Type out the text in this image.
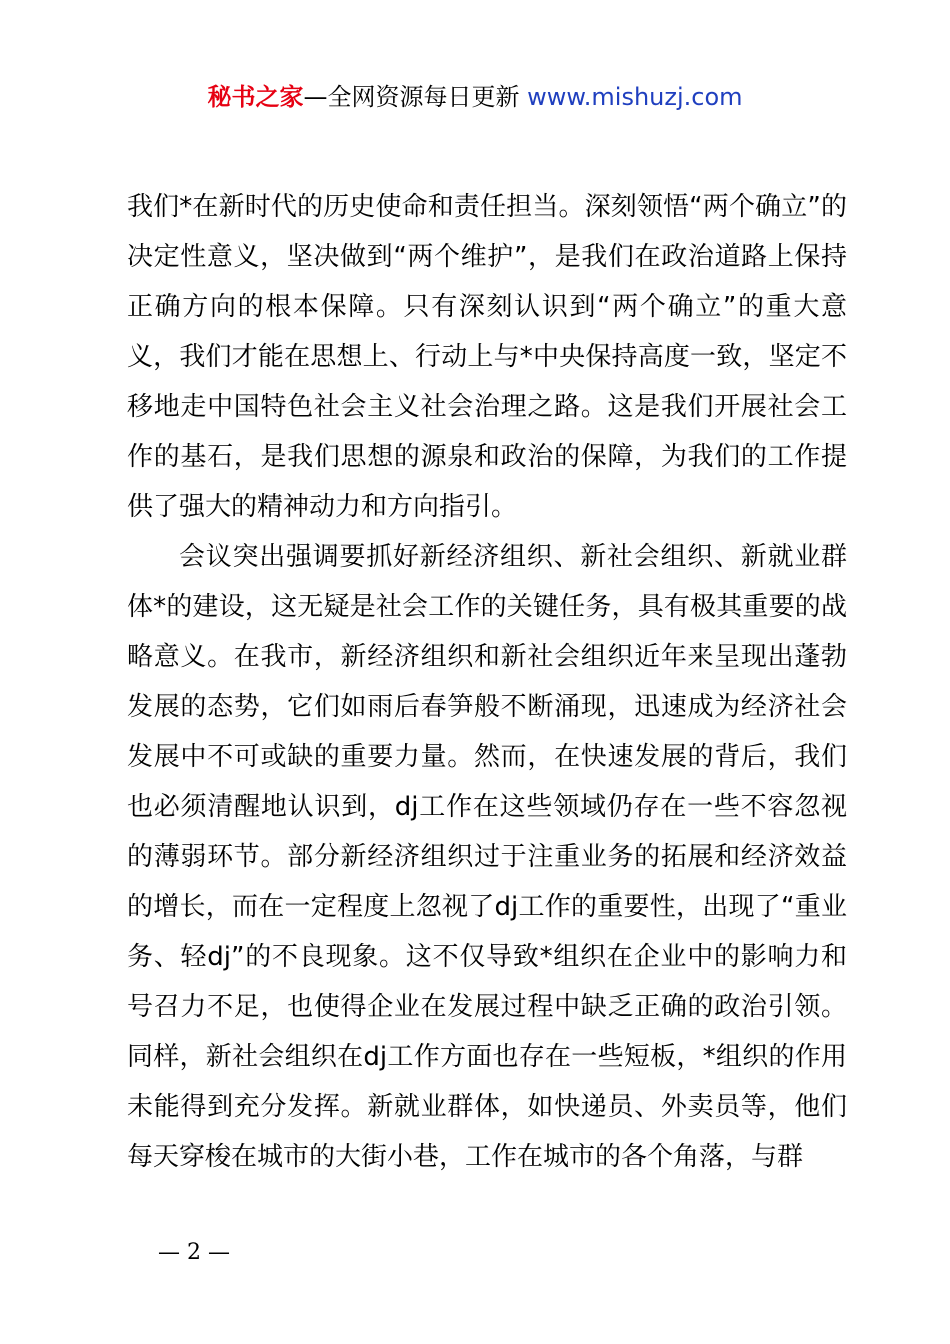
秘书之家—全网资源每日更新 www.mishuzj.com

我们*在新时代的历史使命和责任担当。深刻领悟“两个确立”的决定性意义，坚决做到“两个维护”，是我们在政治道路上保持正确方向的根本保障。只有深刻认识到“两个确立”的重大意义，我们才能在思想上、行动上与*中央保持高度一致，坚定不移地走中国特色社会主义社会治理之路。这是我们开展社会工作的基石，是我们思想的源泉和政治的保障，为我们的工作提供了强大的精神动力和方向指引。

会议突出强调要抓好新经济组织、新社会组织、新就业群体*的建设，这无疑是社会工作的关键任务，具有极其重要的战略意义。在我市，新经济组织和新社会组织近年来呈现出蓬勃发展的态势，它们如雨后春笋般不断涌现，迅速成为经济社会发展中不可或缺的重要力量。然而，在快速发展的背后，我们也必须清醒地认识到，dj工作在这些领域仍存在一些不容忽视的薄弱环节。部分新经济组织过于注重业务的拓展和经济效益的增长，而在一定程度上忽视了dj工作的重要性，出现了“重业务、轻dj”的不良现象。这不仅导致*组织在企业中的影响力和号召力不足，也使得企业在发展过程中缺乏正确的政治引领。同样，新社会组织在dj工作方面也存在一些短板，*组织的作用未能得到充分发挥。新就业群体，如快递员、外卖员等，他们每天穿梭在城市的大街小巷，工作在城市的各个角落，与群

— 2 —
